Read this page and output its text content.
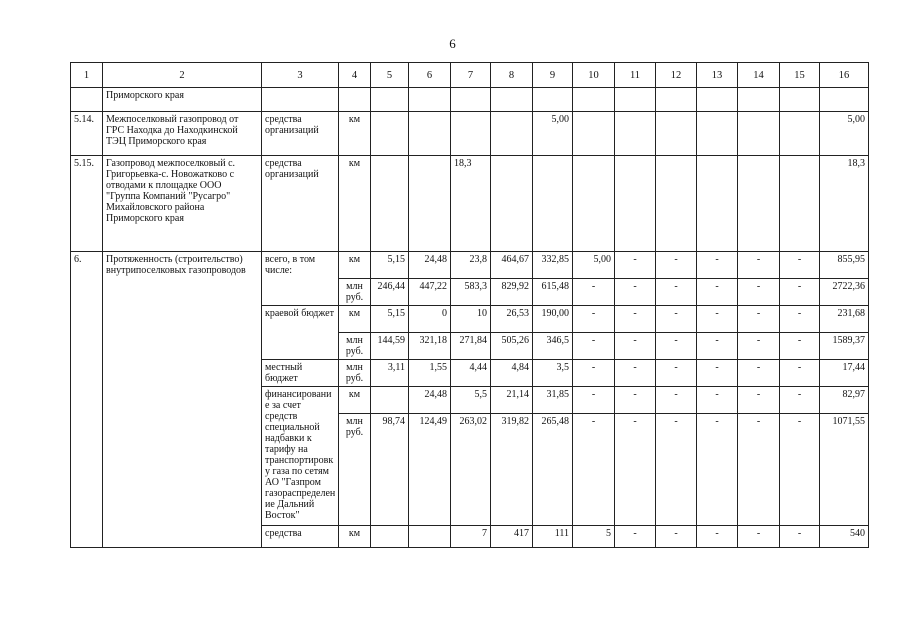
6
1	2	3	4	5	6	7	8	9	10	11	12	13	14	15	16
	Приморского края														
5.14.	Межпоселковый газопровод от ГРС Находка до Находкинской ТЭЦ Приморского края	средства организаций	км					5,00							5,00
5.15.	Газопровод межпоселковый с. Григорьевка-с. Новожатково с отводами к площадке ООО "Группа Компаний "Русагро" Михайловского района Приморского края	средства организаций	км			18,3									18,3
6.	Протяженность (строительство) внутрипоселковых газопроводов	всего, в том числе:	км	5,15	24,48	23,8	464,67	332,85	5,00	-	-	-	-	-	855,95
			млн руб.	246,44	447,22	583,3	829,92	615,48	-	-	-	-	-	-	2722,36
		краевой бюджет	км	5,15	0	10	26,53	190,00	-	-	-	-	-	-	231,68
			млн руб.	144,59	321,18	271,84	505,26	346,5	-	-	-	-	-	-	1589,37
		местный бюджет	млн руб.	3,11	1,55	4,44	4,84	3,5	-	-	-	-	-	-	17,44
		финансировани е за счет средств специальной надбавки к тарифу на транспортировк у газа по сетям АО "Газпром газораспределен ие Дальний Восток"	км		24,48	5,5	21,14	31,85	-	-	-	-	-	-	82,97
			млн руб.	98,74	124,49	263,02	319,82	265,48	-	-	-	-	-	-	1071,55
		средства	км			7	417	111	5	-	-	-	-	-	540
